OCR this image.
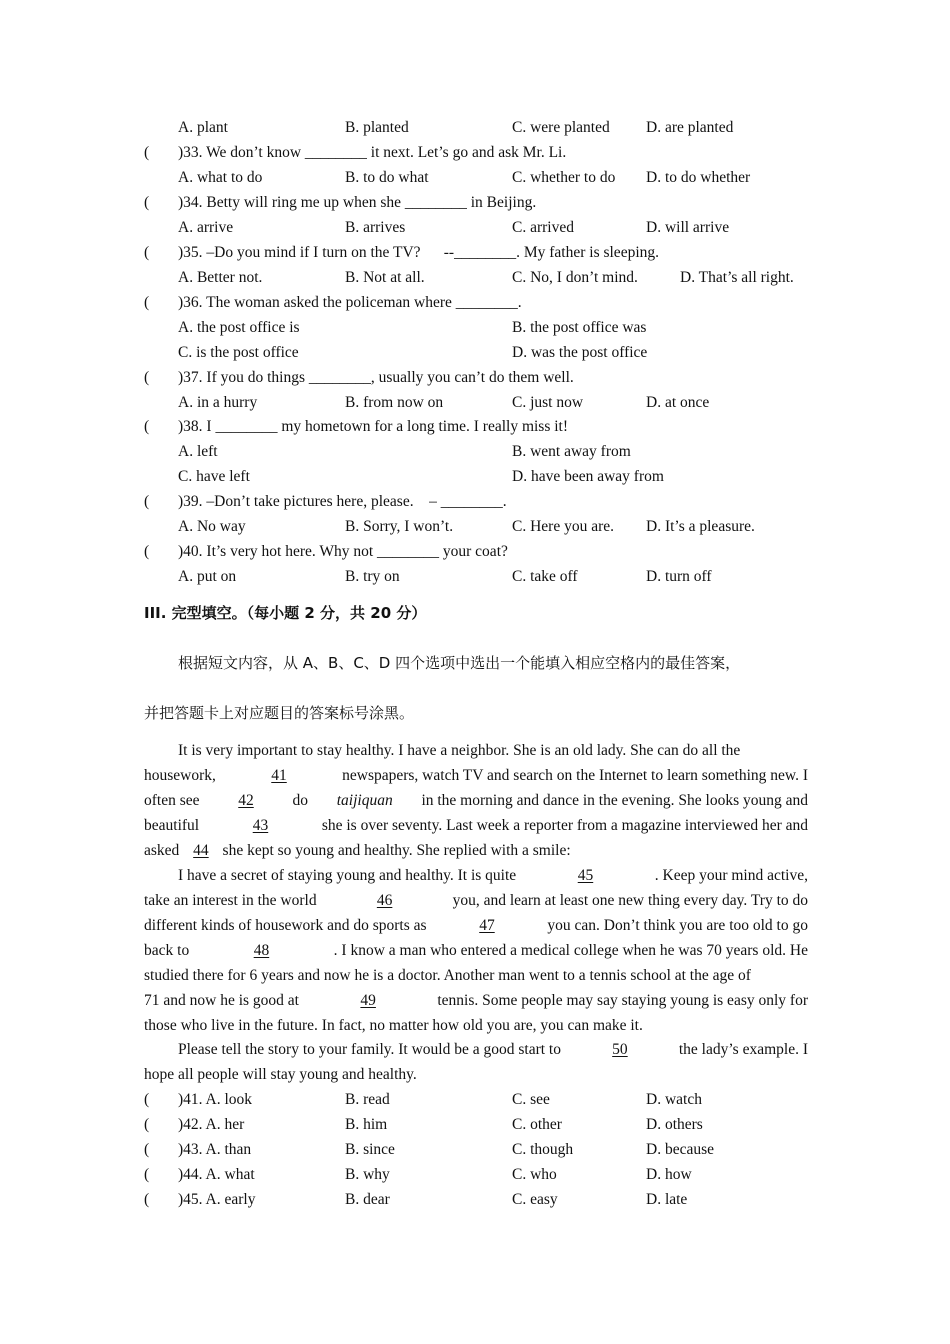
A. plant	B. planted	C. were planted D. are planted
( )33. We don’t know ________ it next. Let’s go and ask Mr. Li.
A. what to do	B. to do what	C. whether to do D. to do whether
( )34. Betty will ring me up when she ________ in Beijing.
A. arrive	B. arrives	C. arrived	D. will arrive
( )35. –Do you mind if I turn on the TV?      --________. My father is sleeping.
A. Better not.	B. Not at all.	C. No, I don’t mind.	D. That’s all right.
( )36. The woman asked the policeman where ________.
A. the post office is	B. the post office was
C. is the post office	D. was the post office
( )37. If you do things ________, usually you can’t do them well.
A. in a hurry	B. from now on	C. just now	D. at once
( )38. I ________ my hometown for a long time. I really miss it!
A. left	B. went away from
C. have left	D. have been away from
( )39. –Don’t take pictures here, please.    – ________.
A. No way	B. Sorry, I won’t.	C. Here you are. D. It’s a pleasure.
( )40. It’s very hot here. Why not ________ your coat?
A. put on	B. try on	C. take off	D. turn off
III. 完型填空。（每小题 2 分，共 20 分）
根据短文内容，从 A、B、C、D 四个选项中选出一个能填入相应空格内的最佳答案，
并把答题卡上对应题目的答案标号涂黑。
It is very important to stay healthy. I have a neighbor. She is an old lady. She can do all the
housework,	41	newspapers, watch TV and search on the Internet to learn something new. I
often see	42	do taijiquan in the morning and dance in the evening. She looks young and
beautiful	43	she is over seventy. Last week a reporter from a magazine interviewed her and
asked
44
she kept so young and healthy. She replied with a smile:
I have a secret of staying young and healthy. It is quite	45	. Keep your mind active,
take an interest in the world	46	you, and learn at least one new thing every day. Try to do
different kinds of housework and do sports as	47	you can. Don’t think you are too old to go
back to	48	. I know a man who entered a medical college when he was 70 years old. He
studied there for 6 years and now he is a doctor. Another man went to a tennis school at the age of
71 and now he is good at	49	tennis. Some people may say staying young is easy only for
those who live in the future. In fact, no matter how old you are, you can make it.
Please tell the story to your family. It would be a good start to	50	the lady’s example. I
hope all people will stay young and healthy.
( )41. A. look	B. read	C. see	D. watch
( )42. A. her	B. him	C. other	D. others
( )43. A. than	B. since	C. though	D. because
( )44. A. what	B. why	C. who	D. how
( )45. A. early	B. dear	C. easy	D. late
